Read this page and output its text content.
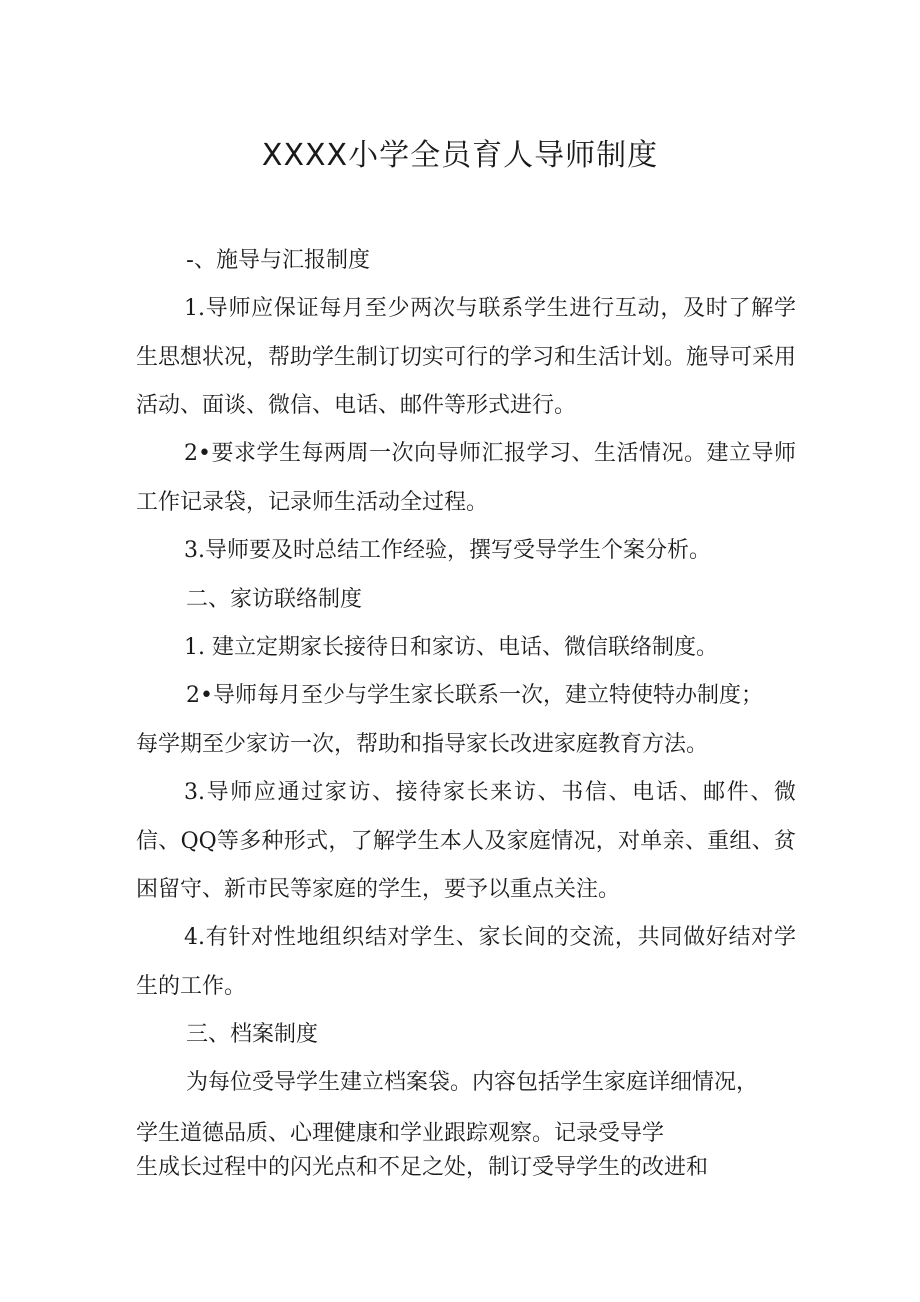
XXXX小学全员育人导师制度
-、施导与汇报制度

1.导师应保证每月至少两次与联系学生进行互动，及时了解学生思想状况，帮助学生制订切实可行的学习和生活计划。施导可采用活动、面谈、微信、电话、邮件等形式进行。

2•要求学生每两周一次向导师汇报学习、生活情况。建立导师工作记录袋，记录师生活动全过程。

3.导师要及时总结工作经验，撰写受导学生个案分析。

二、家访联络制度

1. 建立定期家长接待日和家访、电话、微信联络制度。

2•导师每月至少与学生家长联系一次，建立特使特办制度；

每学期至少家访一次，帮助和指导家长改进家庭教育方法。

3.导师应通过家访、接待家长来访、书信、电话、邮件、微信、QQ等多种形式，了解学生本人及家庭情况，对单亲、重组、贫困留守、新市民等家庭的学生，要予以重点关注。

4.有针对性地组织结对学生、家长间的交流，共同做好结对学生的工作。

三、档案制度

为每位受导学生建立档案袋。内容包括学生家庭详细情况，

学生道德品质、心理健康和学业跟踪观察。记录受导学

生成长过程中的闪光点和不足之处，制订受导学生的改进和
